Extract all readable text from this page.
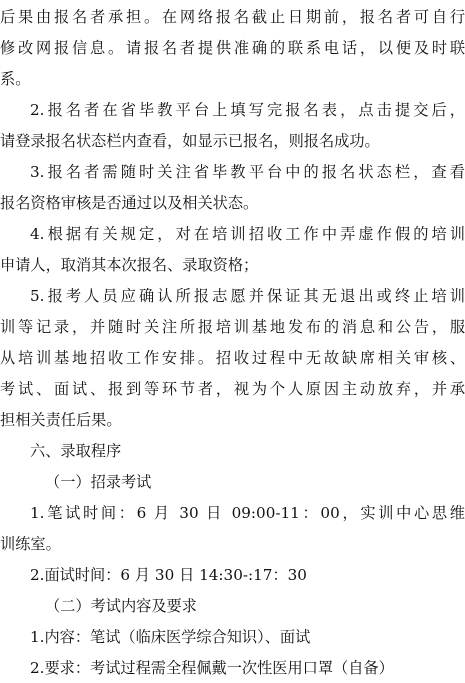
后果由报名者承担。在网络报名截止日期前，报名者可自行
修改网报信息。请报名者提供准确的联系电话，以便及时联
系。
2.报名者在省毕教平台上填写完报名表，点击提交后，
请登录报名状态栏内查看，如显示已报名，则报名成功。
3.报名者需随时关注省毕教平台中的报名状态栏，查看
报名资格审核是否通过以及相关状态。
4.根据有关规定，对在培训招收工作中弄虚作假的培训
申请人，取消其本次报名、录取资格；
5.报考人员应确认所报志愿并保证其无退出或终止培训
训等记录，并随时关注所报培训基地发布的消息和公告，服
从培训基地招收工作安排。招收过程中无故缺席相关审核、
考试、面试、报到等环节者，视为个人原因主动放弃，并承
担相关责任后果。
六、录取程序
（一）招录考试
1.笔试时间：6 月 30 日 09:00-11：00，实训中心思维
训练室。
2.面试时间：6 月 30 日 14:30-:17：30
（二）考试内容及要求
1.内容：笔试（临床医学综合知识）、面试
2.要求：考试过程需全程佩戴一次性医用口罩（自备）
